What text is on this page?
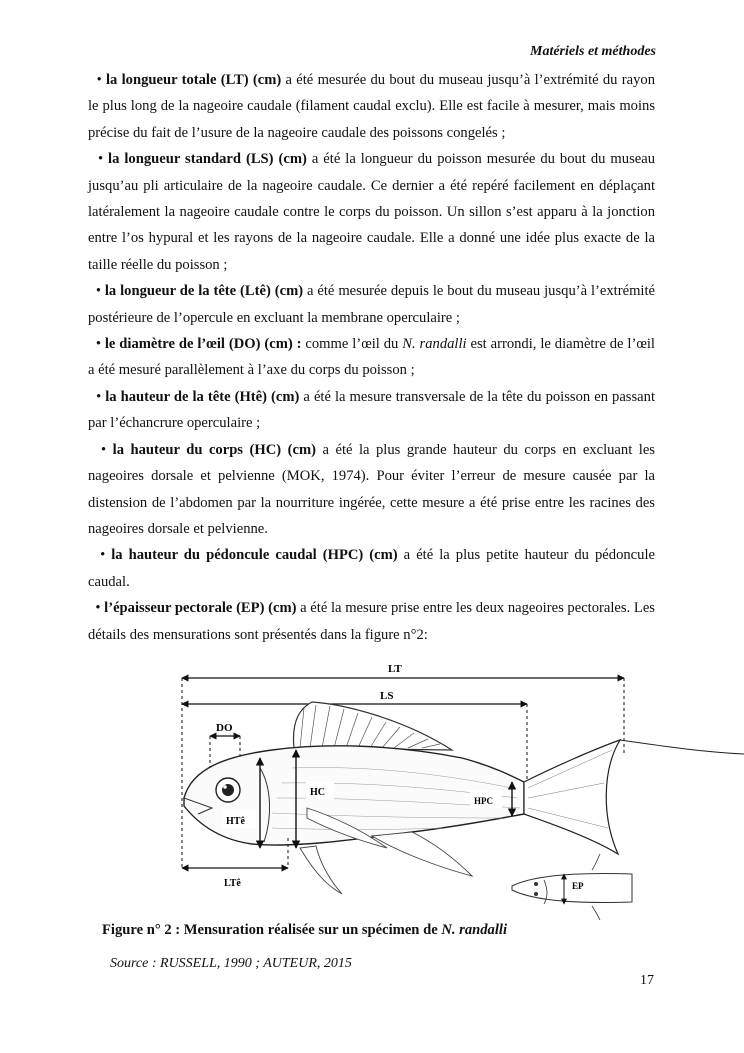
Matériels et méthodes

• la longueur totale (LT) (cm) a été mesurée du bout du museau jusqu’à l’extrémité du rayon le plus long de la nageoire caudale (filament caudal exclu). Elle est facile à mesurer, mais moins précise du fait de l’usure de la nageoire caudale des poissons congelés ;

• la longueur standard (LS) (cm) a été la longueur du poisson mesurée du bout du museau jusqu’au pli articulaire de la nageoire caudale. Ce dernier a été repéré facilement en déplaçant latéralement la nageoire caudale contre le corps du poisson. Un sillon s’est apparu à la jonction entre l’os hypural et les rayons de la nageoire caudale. Elle a donné une idée plus exacte de la taille réelle du poisson ;

• la longueur de la tête (Ltê) (cm) a été mesurée depuis le bout du museau jusqu’à l’extrémité postérieure de l’opercule en excluant la membrane operculaire ;

• le diamètre de l’œil (DO) (cm) : comme l’œil du N. randalli est arrondi, le diamètre de l’œil a été mesuré parallèlement à l’axe du corps du poisson ;

• la hauteur de la tête (Htê) (cm) a été la mesure transversale de la tête du poisson en passant par l’échancrure operculaire ;

• la hauteur du corps (HC) (cm) a été la plus grande hauteur du corps en excluant les nageoires dorsale et pelvienne (MOK, 1974). Pour éviter l’erreur de mesure causée par la distension de l’abdomen par la nourriture ingérée, cette mesure a été prise entre les racines des nageoires dorsale et pelvienne.

• la hauteur du pédoncule caudal (HPC) (cm) a été la plus petite hauteur du pédoncule caudal.

• l’épaisseur pectorale (EP) (cm) a été la mesure prise entre les deux nageoires pectorales. Les détails des mensurations sont présentés dans la figure n°2:

LT
LS
DO
HTê
HC
HPC
LTê	EP
Figure n° 2 : Mensuration réalisée sur un spécimen de N. randalli
Source : RUSSELL, 1990 ; AUTEUR, 2015
17
